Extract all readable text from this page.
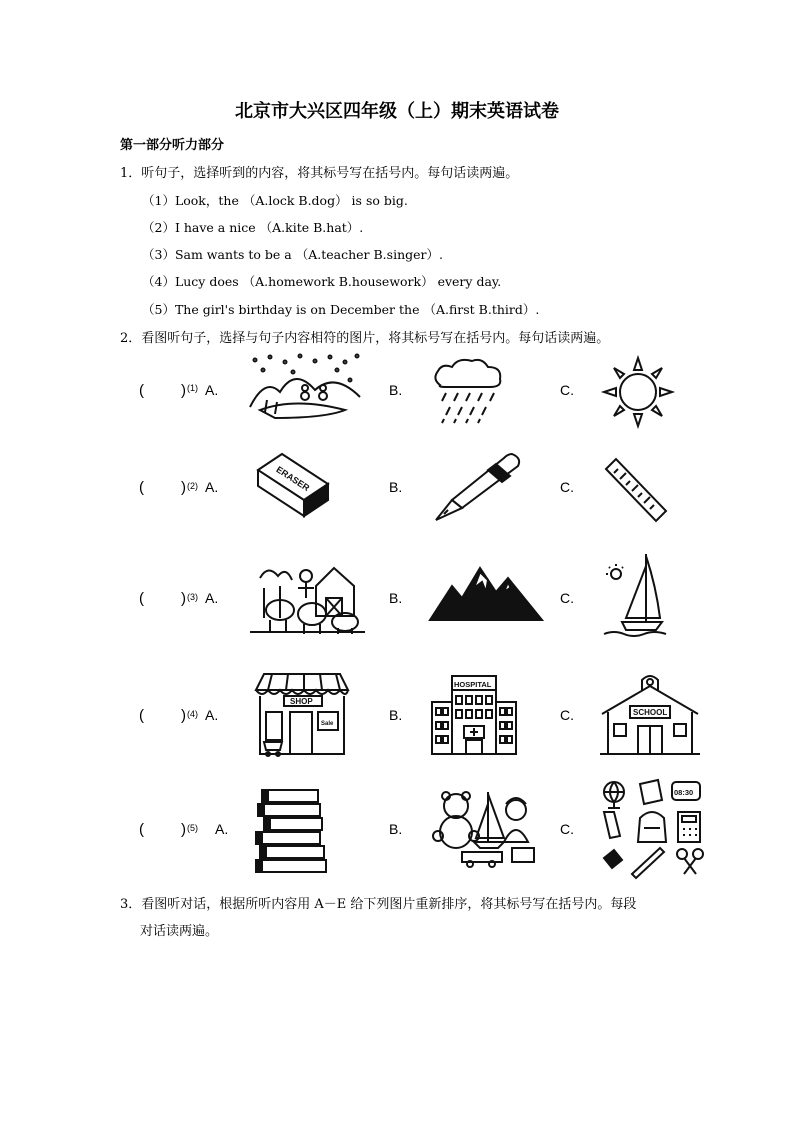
北京市大兴区四年级（上）期末英语试卷
第一部分听力部分
1．听句子，选择听到的内容，将其标号写在括号内。每句话读两遍。
（1）Look，the （A.lock B.dog） is so big.
（2）I have a nice （A.kite B.hat）.
（3）Sam wants to be a （A.teacher B.singer）.
（4）Lucy does （A.homework B.housework） every day.
（5）The girl's birthday is on December the （A.first B.third）.
2．看图听句子，选择与句子内容相符的图片，将其标号写在括号内。每句话读两遍。
( ) (1) A.	B.	C.
( ) (2) A.	B.	C.
ERASER
( ) (3) A.	B.	C.
( ) (4) A.	B.	C.
SHOP
Sale
HOSPITAL
SCHOOL
( ) (5) A.	B.	C.
08:30
3．看图听对话，根据所听内容用 A－E 给下列图片重新排序，将其标号写在括号内。每段
对话读两遍。
